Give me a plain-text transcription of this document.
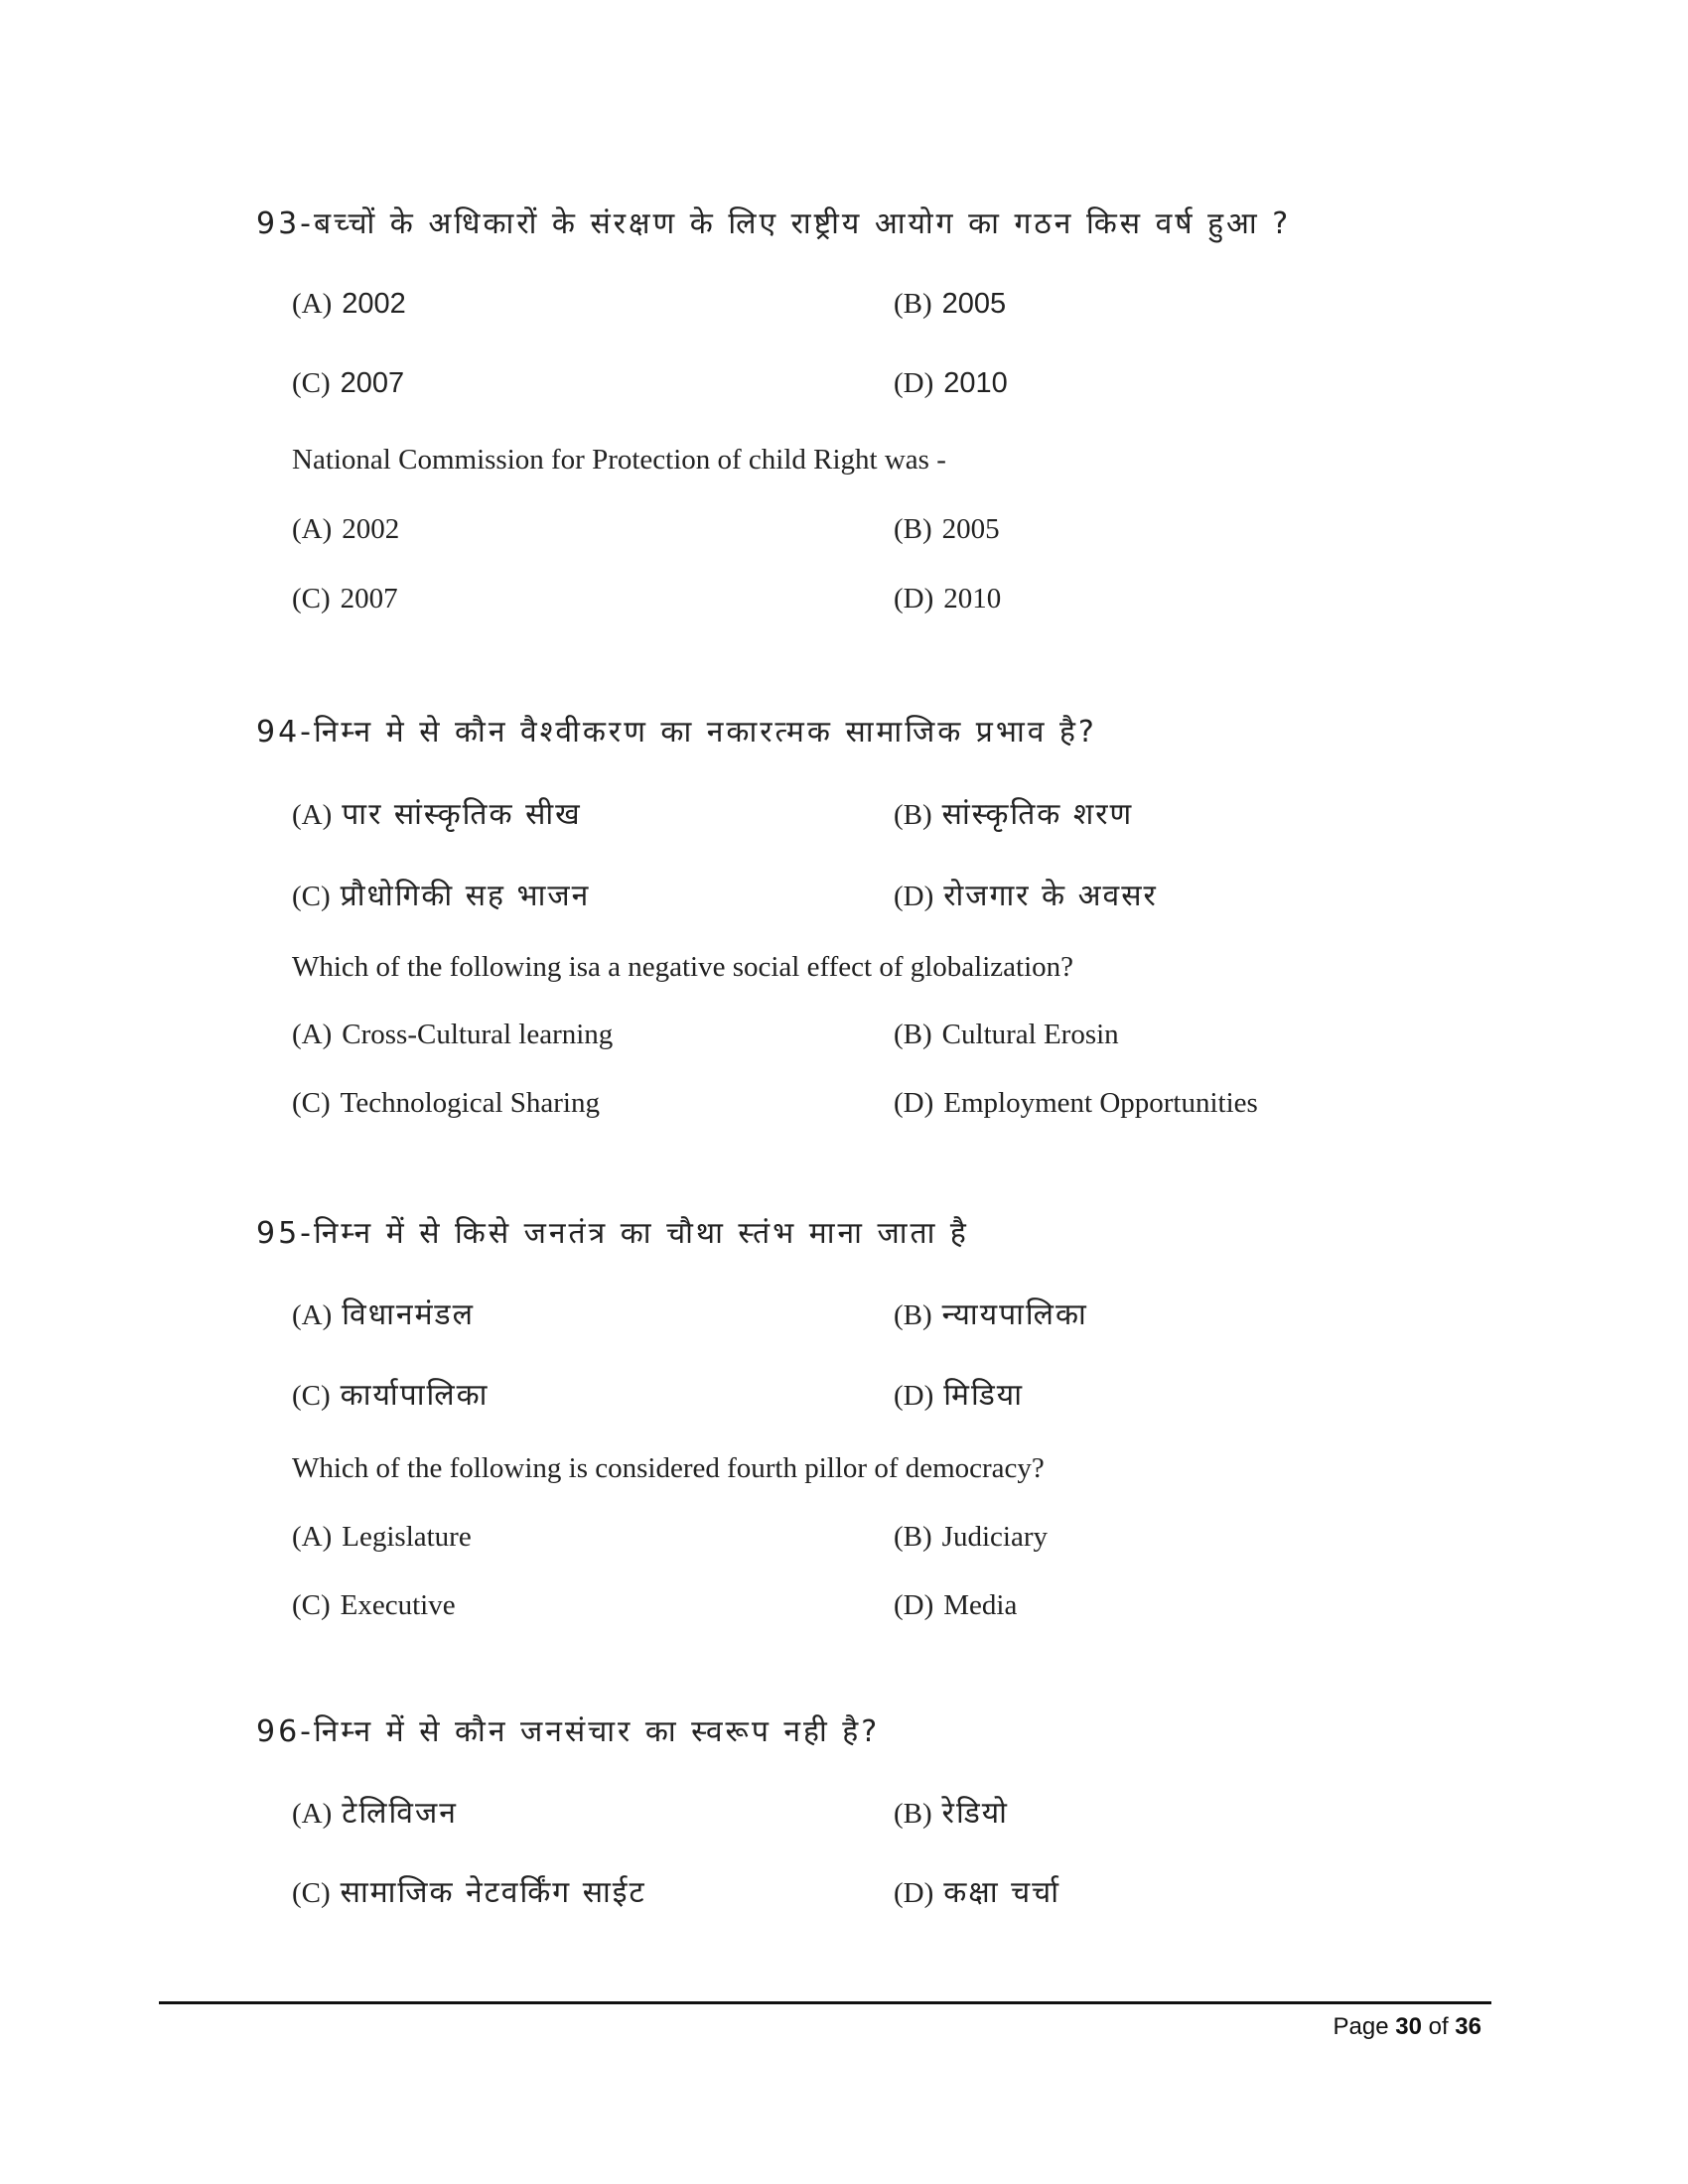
93-बच्चों के अधिकारों के संरक्षण के लिए राष्ट्रीय आयोग का गठन किस वर्ष हुआ ?
(A) 2002	(B) 2005
(C) 2007	(D) 2010
National Commission for Protection of child Right was -
(A) 2002	(B) 2005
(C) 2007	(D) 2010
94-निम्न मे से कौन वैश्वीकरण का नकारत्मक सामाजिक प्रभाव है?
(A) पार सांस्कृतिक सीख	(B) सांस्कृतिक शरण
(C) प्रौधोगिकी सह भाजन	(D) रोजगार के अवसर
Which of the following isa a negative social effect of globalization?
(A) Cross-Cultural learning	(B) Cultural Erosin
(C) Technological Sharing	(D) Employment Opportunities
95-निम्न में से किसे जनतंत्र का चौथा स्तंभ माना जाता है
(A) विधानमंडल	(B) न्यायपालिका
(C) कार्यापालिका	(D) मिडिया
Which of the following is considered fourth pillor of democracy?
(A) Legislature	(B) Judiciary
(C) Executive	(D) Media
96-निम्न में से कौन जनसंचार का स्वरूप नही है?
(A) टेलिविजन	(B) रेडियो
(C) सामाजिक नेटवर्किंग साईट	(D) कक्षा चर्चा
Page 30 of 36
